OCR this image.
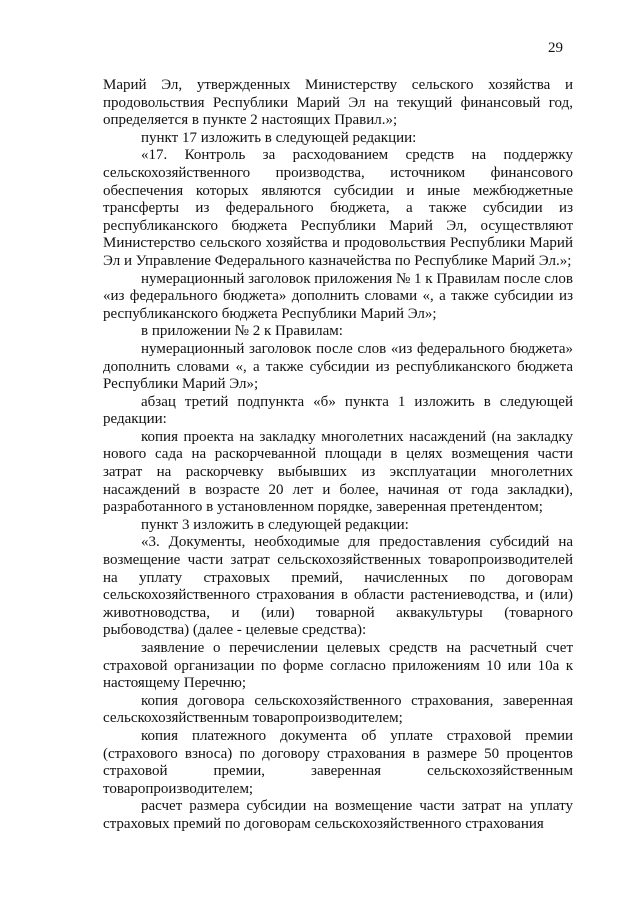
29

Марий Эл, утвержденных Министерству сельского хозяйства и продовольствия Республики Марий Эл на текущий финансовый год, определяется в пункте 2 настоящих Правил.»;

пункт 17 изложить в следующей редакции:

«17. Контроль за расходованием средств на поддержку сельскохозяйственного производства, источником финансового обеспечения которых являются субсидии и иные межбюджетные трансферты из федерального бюджета, а также субсидии из республиканского бюджета Республики Марий Эл, осуществляют Министерство сельского хозяйства и продовольствия Республики Марий Эл и Управление Федерального казначейства по Республике Марий Эл.»;

нумерационный заголовок приложения № 1 к Правилам после слов «из федерального бюджета» дополнить словами «, а также субсидии из республиканского бюджета Республики Марий Эл»;

в приложении № 2 к Правилам:

нумерационный заголовок после слов «из федерального бюджета» дополнить словами «, а также субсидии из республиканского бюджета Республики Марий Эл»;

абзац третий подпункта «б» пункта 1 изложить в следующей редакции:

копия проекта на закладку многолетних насаждений (на закладку нового сада на раскорчеванной площади в целях возмещения части затрат на раскорчевку выбывших из эксплуатации многолетних насаждений в возрасте 20 лет и более, начиная от года закладки), разработанного в установленном порядке, заверенная претендентом;

пункт 3 изложить в следующей редакции:

«3. Документы, необходимые для предоставления субсидий на возмещение части затрат сельскохозяйственных товаропроизводителей на уплату страховых премий, начисленных по договорам сельскохозяйственного страхования в области растениеводства, и (или) животноводства, и (или) товарной аквакультуры (товарного рыбоводства) (далее - целевые средства):

заявление о перечислении целевых средств на расчетный счет страховой организации по форме согласно приложениям 10 или 10а к настоящему Перечню;

копия договора сельскохозяйственного страхования, заверенная сельскохозяйственным товаропроизводителем;

копия платежного документа об уплате страховой премии (страхового взноса) по договору страхования в размере 50 процентов страховой премии, заверенная сельскохозяйственным товаропроизводителем;

расчет размера субсидии на возмещение части затрат на уплату страховых премий по договорам сельскохозяйственного страхования
